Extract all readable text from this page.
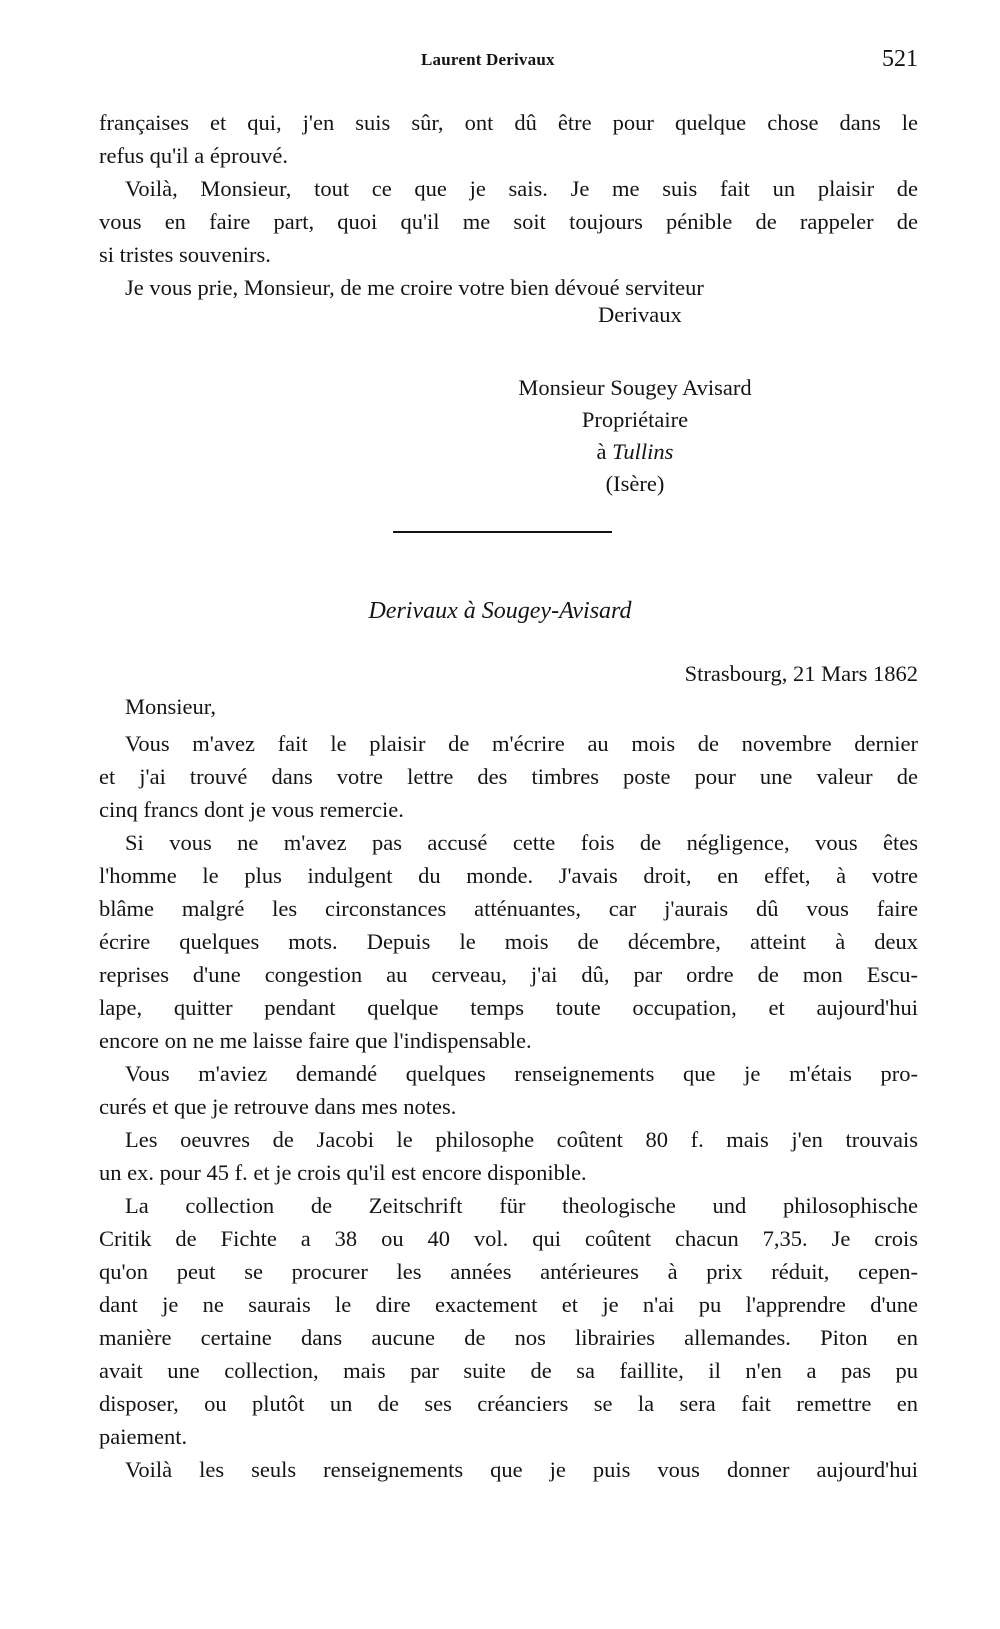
Laurent Derivaux	521
françaises et qui, j'en suis sûr, ont dû être pour quelque chose dans le
refus qu'il a éprouvé.
Voilà, Monsieur, tout ce que je sais. Je me suis fait un plaisir de
vous en faire part, quoi qu'il me soit toujours pénible de rappeler de
si tristes souvenirs.
Je vous prie, Monsieur, de me croire votre bien dévoué serviteur
Derivaux
Monsieur Sougey Avisard
Propriétaire
à Tullins
(Isère)
Derivaux à Sougey-Avisard
Strasbourg, 21 Mars 1862
Monsieur,
Vous m'avez fait le plaisir de m'écrire au mois de novembre dernier
et j'ai trouvé dans votre lettre des timbres poste pour une valeur de
cinq francs dont je vous remercie.
Si vous ne m'avez pas accusé cette fois de négligence, vous êtes
l'homme le plus indulgent du monde. J'avais droit, en effet, à votre
blâme malgré les circonstances atténuantes, car j'aurais dû vous faire
écrire quelques mots. Depuis le mois de décembre, atteint à deux
reprises d'une congestion au cerveau, j'ai dû, par ordre de mon Escu-
lape, quitter pendant quelque temps toute occupation, et aujourd'hui
encore on ne me laisse faire que l'indispensable.
Vous m'aviez demandé quelques renseignements que je m'étais pro-
curés et que je retrouve dans mes notes.
Les oeuvres de Jacobi le philosophe coûtent 80 f. mais j'en trouvais
un ex. pour 45 f. et je crois qu'il est encore disponible.
La collection de Zeitschrift für theologische und philosophische
Critik de Fichte a 38 ou 40 vol. qui coûtent chacun 7,35. Je crois
qu'on peut se procurer les années antérieures à prix réduit, cepen-
dant je ne saurais le dire exactement et je n'ai pu l'apprendre d'une
manière certaine dans aucune de nos librairies allemandes. Piton en
avait une collection, mais par suite de sa faillite, il n'en a pas pu
disposer, ou plutôt un de ses créanciers se la sera fait remettre en
paiement.
Voilà les seuls renseignements que je puis vous donner aujourd'hui
